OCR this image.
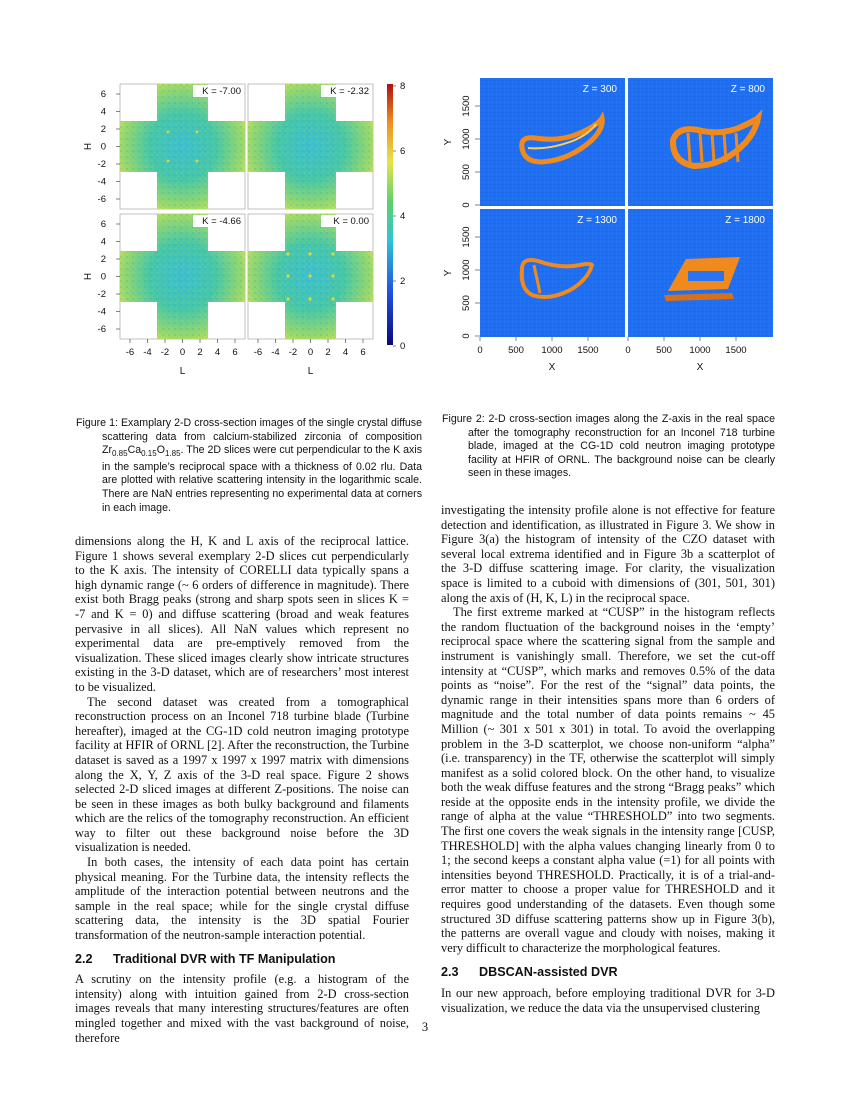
K = -7.00	K = -2.32
K = -4.66	K = 0.00
6
4
2
0
-2
-4
-6
H
6
4
2
0
-2
-4
-6
H
-6 -4 -2 0 2 4 6
L
-6 -4 -2 0 2 4 6
L
8
6
4
2
0
Z = 300	Z = 800
Z = 1300	Z = 1800
1500
1000
500
0
Y
1500
1000
500
0
Y
0	500 1000 1500
X
0	500 1000 1500
X
Figure 1: Examplary 2-D cross-section images of the single crystal diffuse scattering data from calcium-stabilized zirconia of composition $Zr_{0.85}Ca_{0.15}O_{1.85}$. The 2D slices were cut perpendicular to the K axis in the sample’s reciprocal space with a thickness of 0.02 rlu. Data are plotted with relative scattering intensity in the logarithmic scale. There are NaN entries representing no experimental data at corners in each image.
Figure 2: 2-D cross-section images along the Z-axis in the real space after the tomography reconstruction for an Inconel 718 turbine blade, imaged at the CG-1D cold neutron imaging prototype facility at HFIR of ORNL. The background noise can be clearly seen in these images.

dimensions along the H, K and L axis of the reciprocal lattice. Figure 1 shows several exemplary 2-D slices cut perpendicularly to the K axis. The intensity of CORELLI data typically spans a high dynamic range (~ 6 orders of difference in magnitude). There exist both Bragg peaks (strong and sharp spots seen in slices K = -7 and K = 0) and diffuse scattering (broad and weak features pervasive in all slices). All NaN values which represent no experimental data are pre-emptively removed from the visualization. These sliced images clearly show intricate structures existing in the 3-D dataset, which are of researchers’ most interest to be visualized.

The second dataset was created from a tomographical reconstruction process on an Inconel 718 turbine blade (Turbine hereafter), imaged at the CG-1D cold neutron imaging prototype facility at HFIR of ORNL [2]. After the reconstruction, the Turbine dataset is saved as a 1997 x 1997 x 1997 matrix with dimensions along the X, Y, Z axis of the 3-D real space. Figure 2 shows selected 2-D sliced images at different Z-positions. The noise can be seen in these images as both bulky background and filaments which are the relics of the tomography reconstruction. An efficient way to filter out these background noise before the 3D visualization is needed.

In both cases, the intensity of each data point has certain physical meaning. For the Turbine data, the intensity reflects the amplitude of the interaction potential between neutrons and the sample in the real space; while for the single crystal diffuse scattering data, the intensity is the 3D spatial Fourier transformation of the neutron-sample interaction potential.

2.2 Traditional DVR with TF Manipulation

A scrutiny on the intensity profile (e.g. a histogram of the intensity) along with intuition gained from 2-D cross-section images reveals that many interesting structures/features are often mingled together and mixed with the vast background of noise, therefore

investigating the intensity profile alone is not effective for feature detection and identification, as illustrated in Figure 3. We show in Figure 3(a) the histogram of intensity of the CZO dataset with several local extrema identified and in Figure 3b a scatterplot of the 3-D diffuse scattering image. For clarity, the visualization space is limited to a cuboid with dimensions of (301, 501, 301) along the axis of (H, K, L) in the reciprocal space.

The first extreme marked at “CUSP” in the histogram reflects the random fluctuation of the background noises in the ‘empty’ reciprocal space where the scattering signal from the sample and instrument is vanishingly small. Therefore, we set the cut-off intensity at “CUSP”, which marks and removes 0.5% of the data points as “noise”. For the rest of the “signal” data points, the dynamic range in their intensities spans more than 6 orders of magnitude and the total number of data points remains ~ 45 Million (~ 301 x 501 x 301) in total. To avoid the overlapping problem in the 3-D scatterplot, we choose non-uniform “alpha” (i.e. transparency) in the TF, otherwise the scatterplot will simply manifest as a solid colored block. On the other hand, to visualize both the weak diffuse features and the strong “Bragg peaks” which reside at the opposite ends in the intensity profile, we divide the range of alpha at the value “THRESHOLD” into two segments. The first one covers the weak signals in the intensity range [CUSP, THRESHOLD] with the alpha values changing linearly from 0 to 1; the second keeps a constant alpha value (=1) for all points with intensities beyond THRESHOLD. Practically, it is of a trial-and-error matter to choose a proper value for THRESHOLD and it requires good understanding of the datasets. Even though some structured 3D diffuse scattering patterns show up in Figure 3(b), the patterns are overall vague and cloudy with noises, making it very difficult to characterize the morphological features.

2.3 DBSCAN-assisted DVR

In our new approach, before employing traditional DVR for 3-D visualization, we reduce the data via the unsupervised clustering

3
